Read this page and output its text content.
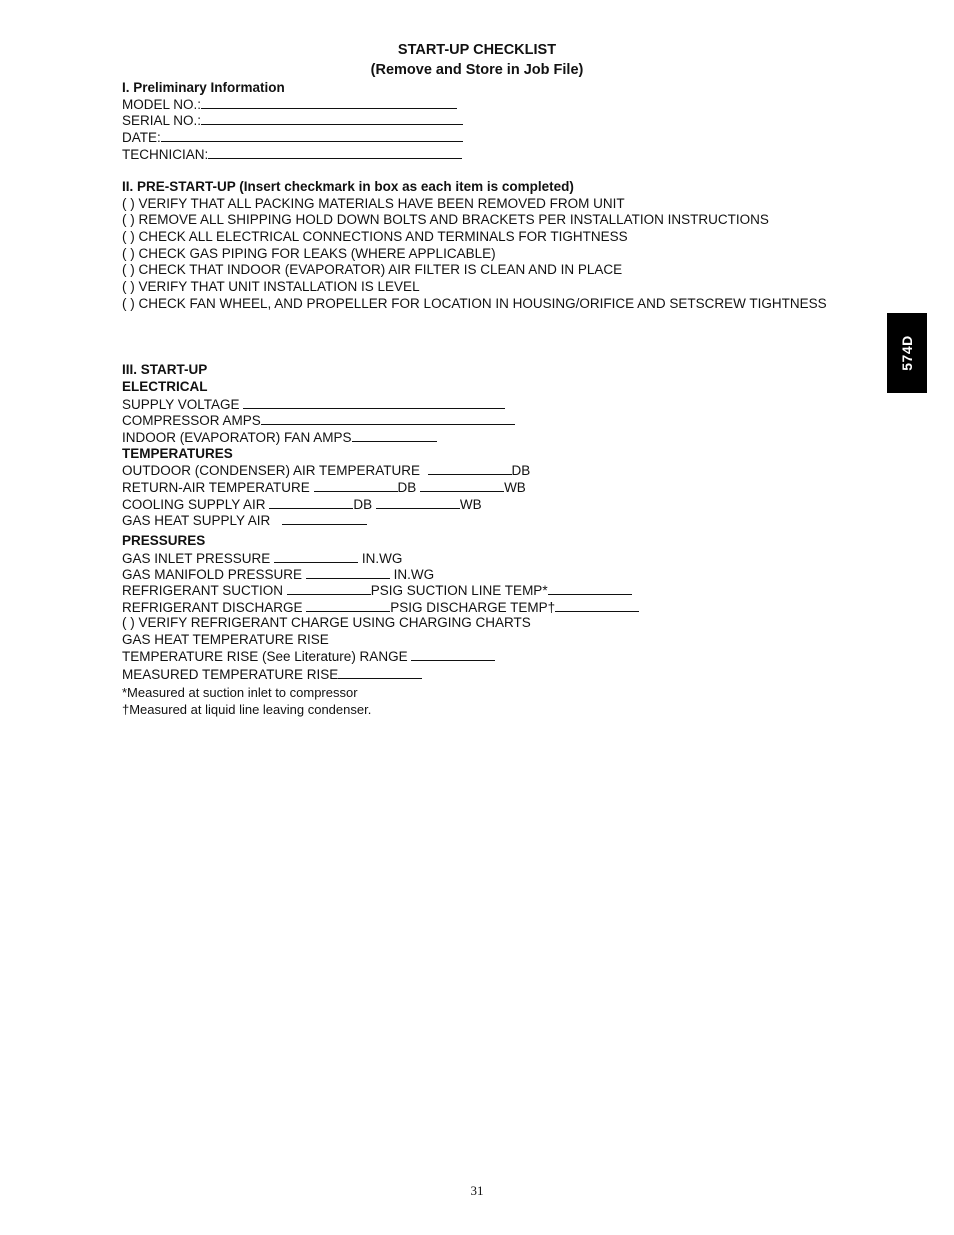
START-UP CHECKLIST
(Remove and Store in Job File)
I. Preliminary Information
MODEL NO.:
SERIAL NO.:
DATE:
TECHNICIAN:
II. PRE-START-UP (Insert checkmark in box as each item is completed)
( ) VERIFY THAT ALL PACKING MATERIALS HAVE BEEN REMOVED FROM UNIT
( ) REMOVE ALL SHIPPING HOLD DOWN BOLTS AND BRACKETS PER INSTALLATION INSTRUCTIONS
( ) CHECK ALL ELECTRICAL CONNECTIONS AND TERMINALS FOR TIGHTNESS
( ) CHECK GAS PIPING FOR LEAKS (WHERE APPLICABLE)
( ) CHECK THAT INDOOR (EVAPORATOR) AIR FILTER IS CLEAN AND IN PLACE
( ) VERIFY THAT UNIT INSTALLATION IS LEVEL
( ) CHECK FAN WHEEL, AND PROPELLER FOR LOCATION IN HOUSING/ORIFICE AND SETSCREW TIGHTNESS
III. START-UP
ELECTRICAL
SUPPLY VOLTAGE
COMPRESSOR AMPS
INDOOR (EVAPORATOR) FAN AMPS
TEMPERATURES
OUTDOOR (CONDENSER) AIR TEMPERATURE	DB
RETURN-AIR TEMPERATURE	DB	WB
COOLING SUPPLY AIR	DB	WB
GAS HEAT SUPPLY AIR
PRESSURES
GAS INLET PRESSURE	IN.WG
GAS MANIFOLD PRESSURE	IN.WG
REFRIGERANT SUCTION	PSIG SUCTION LINE TEMP*
REFRIGERANT DISCHARGE	PSIG DISCHARGE TEMP†
( ) VERIFY REFRIGERANT CHARGE USING CHARGING CHARTS
GAS HEAT TEMPERATURE RISE
TEMPERATURE RISE (See Literature) RANGE
MEASURED TEMPERATURE RISE
*Measured at suction inlet to compressor
†Measured at liquid line leaving condenser.
574D
31
